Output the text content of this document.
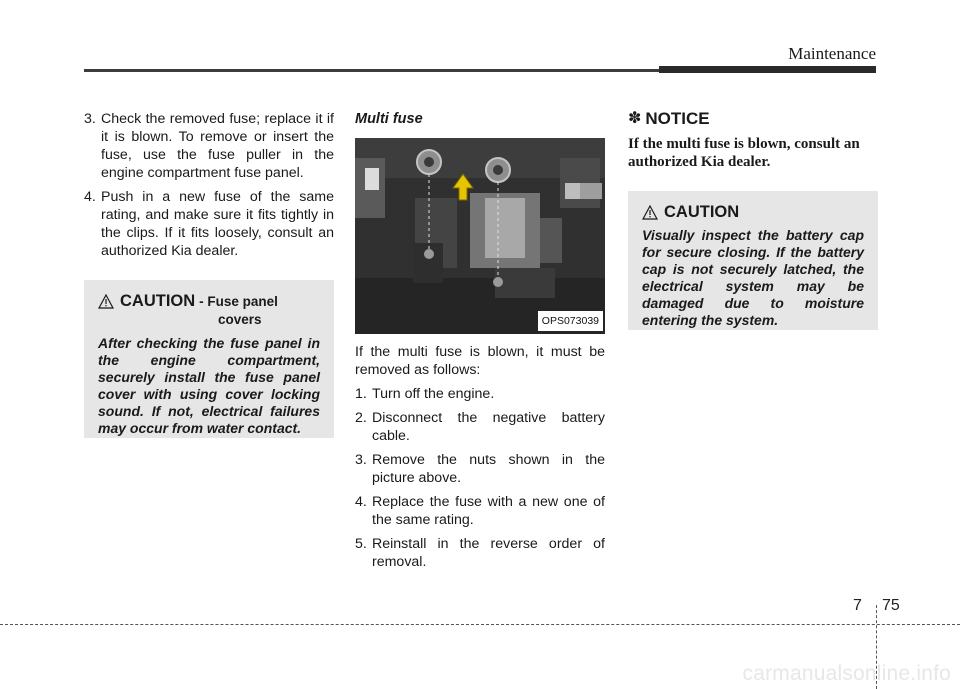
Maintenance
3. Check the removed fuse; replace it if it is blown. To remove or insert the fuse, use the fuse puller in the engine compartment fuse panel.
4. Push in a new fuse of the same rating, and make sure it fits tightly in the clips. If it fits loosely, consult an authorized Kia dealer.
CAUTION - Fuse panel
covers
After checking the fuse panel in the engine compartment, securely install the fuse panel cover with using cover locking sound. If not, electrical failures may occur from water contact.
Multi fuse
OPS073039

If the multi fuse is blown, it must be removed as follows:

1. Turn off the engine.
2. Disconnect the negative battery cable.
3. Remove the nuts shown in the picture above.
4. Replace the fuse with a new one of the same rating.
5. Reinstall in the reverse order of removal.
✽ NOTICE

If the multi fuse is blown, consult an authorized Kia dealer.

CAUTION
Visually inspect the battery cap for secure closing. If the battery cap is not securely latched, the electrical system may be damaged due to moisture entering the system.
7 75
carmanualsonline.info
